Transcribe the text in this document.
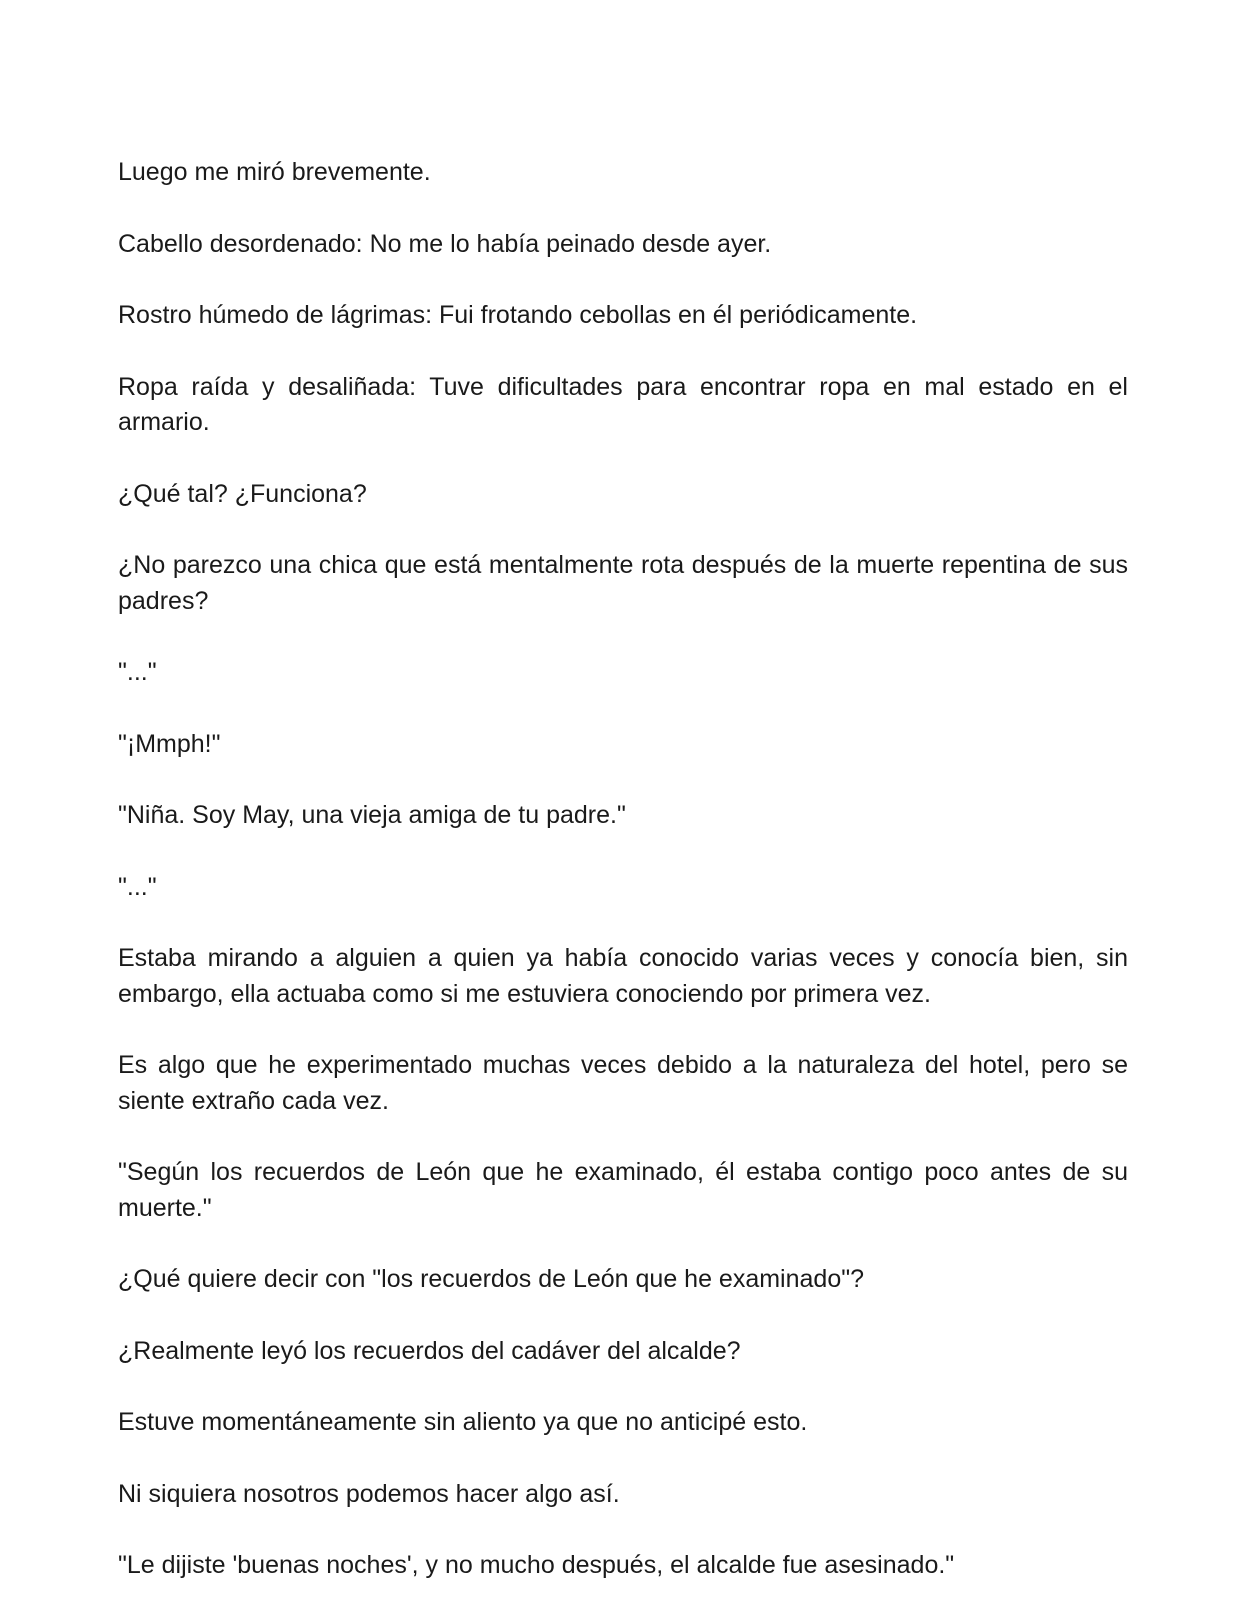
Luego me miró brevemente.

Cabello desordenado: No me lo había peinado desde ayer.

Rostro húmedo de lágrimas: Fui frotando cebollas en él periódicamente.

Ropa raída y desaliñada: Tuve dificultades para encontrar ropa en mal estado en el armario.

¿Qué tal? ¿Funciona?

¿No parezco una chica que está mentalmente rota después de la muerte repentina de sus padres?

"..."

"¡Mmph!"

"Niña. Soy May, una vieja amiga de tu padre."

"..."

Estaba mirando a alguien a quien ya había conocido varias veces y conocía bien, sin embargo, ella actuaba como si me estuviera conociendo por primera vez.

Es algo que he experimentado muchas veces debido a la naturaleza del hotel, pero se siente extraño cada vez.

"Según los recuerdos de León que he examinado, él estaba contigo poco antes de su muerte."

¿Qué quiere decir con "los recuerdos de León que he examinado"?

¿Realmente leyó los recuerdos del cadáver del alcalde?

Estuve momentáneamente sin aliento ya que no anticipé esto.

Ni siquiera nosotros podemos hacer algo así.

"Le dijiste 'buenas noches', y no mucho después, el alcalde fue asesinado."
